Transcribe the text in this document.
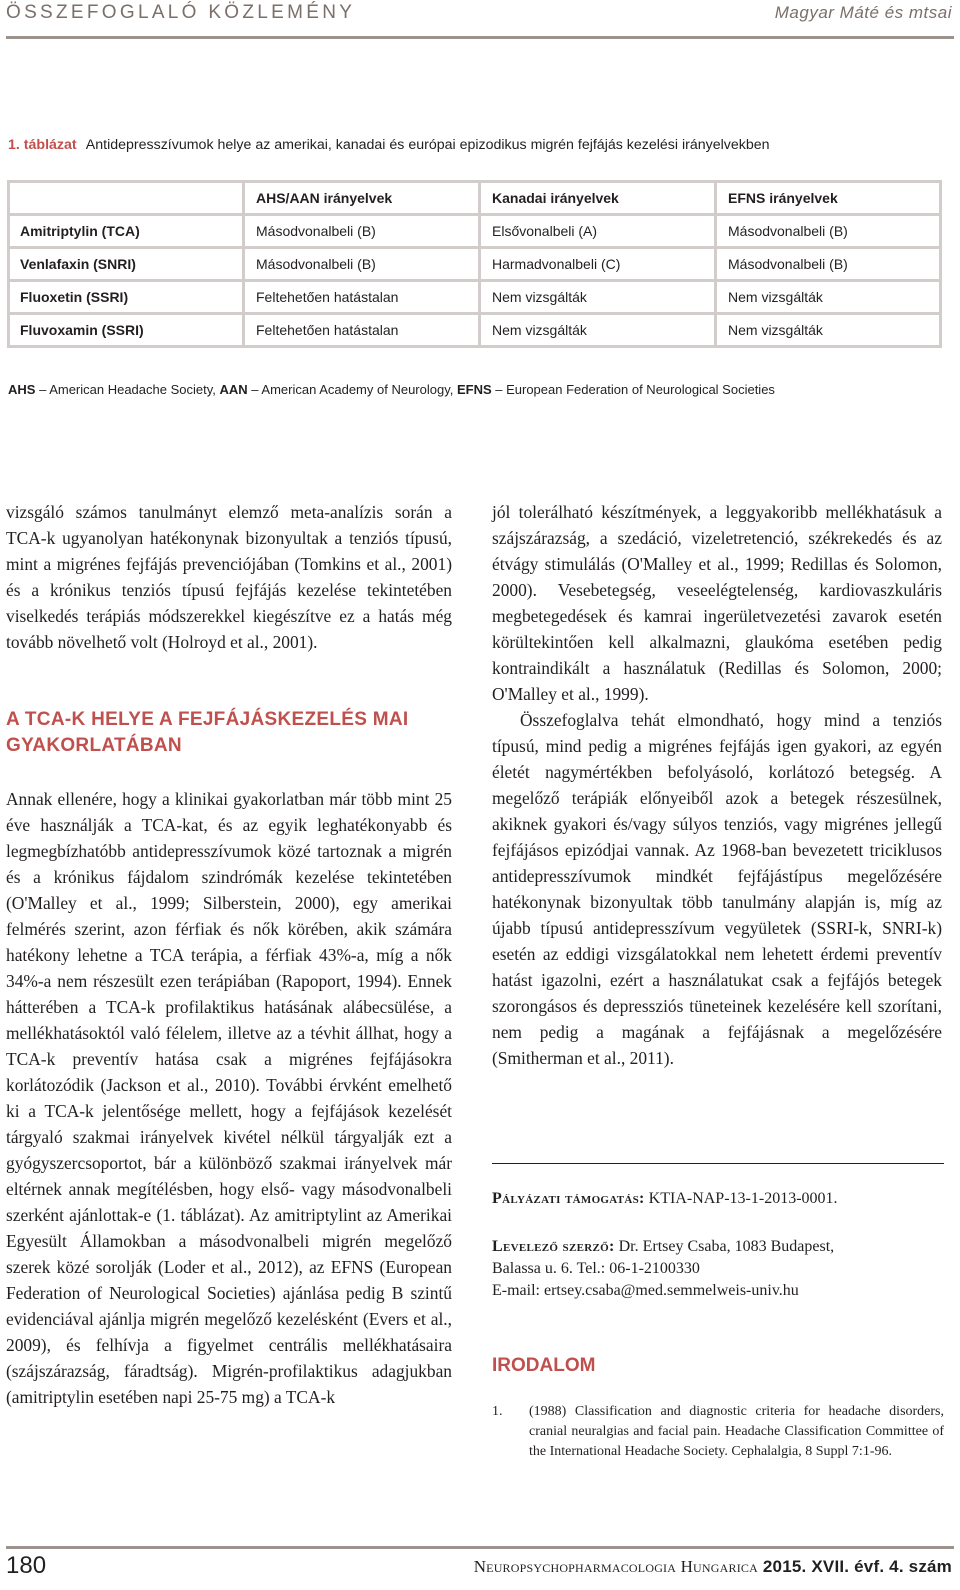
ÖSSZEFOGLALÓ KÖZLEMÉNY	Magyar Máté és mtsai
1. táblázat Antidepresszívumok helye az amerikai, kanadai és európai epizodikus migrén fejfájás kezelési irányelvekben
	AHS/AAN irányelvek	Kanadai irányelvek	EFNS irányelvek
Amitriptylin (TCA)	Másodvonalbeli (B)	Elsővonalbeli (A)	Másodvonalbeli (B)
Venlafaxin (SNRI)	Másodvonalbeli (B)	Harmadvonalbeli (C)	Másodvonalbeli (B)
Fluoxetin (SSRI)	Feltehetően hatástalan	Nem vizsgálták	Nem vizsgálták
Fluvoxamin (SSRI)	Feltehetően hatástalan	Nem vizsgálták	Nem vizsgálták
AHS – American Headache Society, AAN – American Academy of Neurology, EFNS – European Federation of Neurological Societies

vizsgáló számos tanulmányt elemző meta-analízis során a TCA-k ugyanolyan hatékonynak bizonyultak a tenziós típusú, mint a migrénes fejfájás prevenciójában (Tomkins et al., 2001) és a krónikus tenziós típusú fejfájás kezelése tekintetében viselkedés terápiás módszerekkel kiegészítve ez a hatás még tovább növelhető volt (Holroyd et al., 2001).

A TCA-K HELYE A FEJFÁJÁSKEZELÉS MAI
GYAKORLATÁBAN

Annak ellenére, hogy a klinikai gyakorlatban már több mint 25 éve használják a TCA-kat, és az egyik leghatékonyabb és legmegbízhatóbb antidepresszívumok közé tartoznak a migrén és a krónikus fájdalom szindrómák kezelése tekintetében (O'Malley et al., 1999; Silberstein, 2000), egy amerikai felmérés szerint, azon férfiak és nők körében, akik számára hatékony lehetne a TCA terápia, a férfiak 43%-a, míg a nők 34%-a nem részesült ezen terápiában (Rapoport, 1994). Ennek hátterében a TCA-k profilaktikus hatásának alábecsülése, a mellékhatásoktól való félelem, illetve az a tévhit állhat, hogy a TCA-k preventív hatása csak a migrénes fejfájásokra korlátozódik (Jackson et al., 2010). További érvként emelhető ki a TCA-k jelentősége mellett, hogy a fejfájások kezelését tárgyaló szakmai irányelvek kivétel nélkül tárgyalják ezt a gyógyszercsoportot, bár a különböző szakmai irányelvek már eltérnek annak megítélésben, hogy első- vagy másodvonalbeli szerként ajánlottak-e (1. táblázat). Az amitriptylint az Amerikai Egyesült Államokban a másodvonalbeli migrén megelőző szerek közé sorolják (Loder et al., 2012), az EFNS (European Federation of Neurological Societies) ajánlása pedig B szintű evidenciával ajánlja migrén megelőző kezelésként (Evers et al., 2009), és felhívja a figyelmet centrális mellékhatásaira (szájszárazság, fáradtság). Migrén-profilaktikus adagjukban (amitriptylin esetében napi 25-75 mg) a TCA-k

jól tolerálható készítmények, a leggyakoribb mellékhatásuk a szájszárazság, a szedáció, vizeletretenció, székrekedés és az étvágy stimulálás (O'Malley et al., 1999; Redillas és Solomon, 2000). Vesebetegség, veseelégtelenség, kardiovaszkuláris megbetegedések és kamrai ingerületvezetési zavarok esetén körültekintően kell alkalmazni, glaukóma esetében pedig kontraindikált a használatuk (Redillas és Solomon, 2000; O'Malley et al., 1999).

Összefoglalva tehát elmondható, hogy mind a tenziós típusú, mind pedig a migrénes fejfájás igen gyakori, az egyén életét nagymértékben befolyásoló, korlátozó betegség. A megelőző terápiák előnyeiből azok a betegek részesülnek, akiknek gyakori és/vagy súlyos tenziós, vagy migrénes jellegű fejfájásos epizódjai vannak. Az 1968-ban bevezetett triciklusos antidepresszívumok mindkét fejfájástípus megelőzésére hatékonynak bizonyultak több tanulmány alapján is, míg az újabb típusú antidepresszívum vegyületek (SSRI-k, SNRI-k) esetén az eddigi vizsgálatokkal nem lehetett érdemi preventív hatást igazolni, ezért a használatukat csak a fejfájós betegek szorongásos és depressziós tüneteinek kezelésére kell szorítani, nem pedig a magának a fejfájásnak a megelőzésére (Smitherman et al., 2011).

Pályázati támogatás: KTIA-NAP-13-1-2013-0001.
Levelező szerző: Dr. Ertsey Csaba, 1083 Budapest,
Balassa u. 6. Tel.: 06-1-2100330
E-mail: ertsey.csaba@med.semmelweis-univ.hu
IRODALOM
1. (1988) Classification and diagnostic criteria for headache disorders, cranial neuralgias and facial pain. Headache Classification Committee of the International Headache Society. Cephalalgia, 8 Suppl 7:1-96.
180	Neuropsychopharmacologia Hungarica 2015. XVII. évf. 4. szám
